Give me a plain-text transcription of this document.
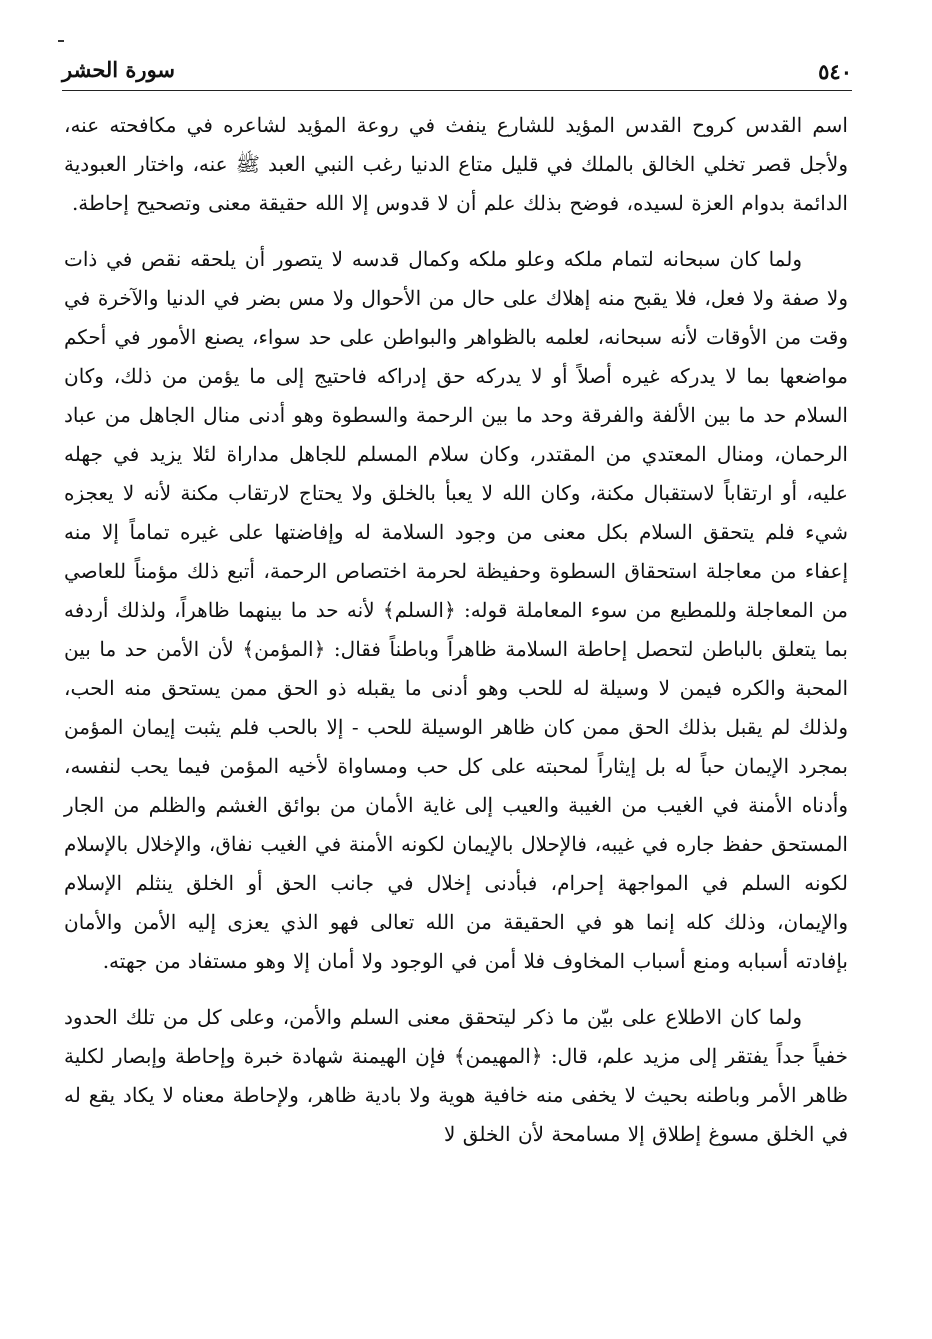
٥٤٠
سورة الحشر

اسم القدس كروح القدس المؤيد للشارع ينفث في روعة المؤيد لشاعره في مكافحته عنه، ولأجل قصر تخلي الخالق بالملك في قليل متاع الدنيا رغب النبي العبد ﷺ عنه، واختار العبودية الدائمة بدوام العزة لسيده، فوضح بذلك علم أن لا قدوس إلا الله حقيقة معنى وتصحيح إحاطة.

ولما كان سبحانه لتمام ملكه وعلو ملكه وكمال قدسه لا يتصور أن يلحقه نقص في ذات ولا صفة ولا فعل، فلا يقبح منه إهلاك على حال من الأحوال ولا مس بضر في الدنيا والآخرة في وقت من الأوقات لأنه سبحانه، لعلمه بالظواهر والبواطن على حد سواء، يصنع الأمور في أحكم مواضعها بما لا يدركه غيره أصلاً أو لا يدركه حق إدراكه فاحتيج إلى ما يؤمن من ذلك، وكان السلام حد ما بين الألفة والفرقة وحد ما بين الرحمة والسطوة وهو أدنى منال الجاهل من عباد الرحمان، ومنال المعتدي من المقتدر، وكان سلام المسلم للجاهل مداراة لئلا يزيد في جهله عليه، أو ارتقاباً لاستقبال مكنة، وكان الله لا يعبأ بالخلق ولا يحتاج لارتقاب مكنة لأنه لا يعجزه شيء فلم يتحقق السلام بكل معنى من وجود السلامة له وإفاضتها على غيره تماماً إلا منه إعفاء من معاجلة استحقاق السطوة وحفيظة لحرمة اختصاص الرحمة، أتبع ذلك مؤمناً للعاصي من المعاجلة وللمطيع من سوء المعاملة قوله: ﴿السلم﴾ لأنه حد ما بينهما ظاهراً، ولذلك أردفه بما يتعلق بالباطن لتحصل إحاطة السلامة ظاهراً وباطناً فقال: ﴿المؤمن﴾ لأن الأمن حد ما بين المحبة والكره فيمن لا وسيلة له للحب وهو أدنى ما يقبله ذو الحق ممن يستحق منه الحب، ولذلك لم يقبل بذلك الحق ممن كان ظاهر الوسيلة للحب - إلا بالحب فلم يثبت إيمان المؤمن بمجرد الإيمان حباً له بل إيثاراً لمحبته على كل حب ومساواة لأخيه المؤمن فيما يحب لنفسه، وأدناه الأمنة في الغيب من الغيبة والعيب إلى غاية الأمان من بوائق الغشم والظلم من الجار المستحق حفظ جاره في غيبه، فالإحلال بالإيمان لكونه الأمنة في الغيب نفاق، والإخلال بالإسلام لكونه السلم في المواجهة إحرام، فبأدنى إخلال في جانب الحق أو الخلق ينثلم الإسلام والإيمان، وذلك كله إنما هو في الحقيقة من الله تعالى فهو الذي يعزى إليه الأمن والأمان بإفادته أسبابه ومنع أسباب المخاوف فلا أمن في الوجود ولا أمان إلا وهو مستفاد من جهته.

ولما كان الاطلاع على بيّن ما ذكر ليتحقق معنى السلم والأمن، وعلى كل من تلك الحدود خفياً جداً يفتقر إلى مزيد علم، قال: ﴿المهيمن﴾ فإن الهيمنة شهادة خبرة وإحاطة وإبصار لكلية ظاهر الأمر وباطنه بحيث لا يخفى منه خافية هوية ولا بادية ظاهر، ولإحاطة معناه لا يكاد يقع له في الخلق مسوغ إطلاق إلا مسامحة لأن الخلق لا
